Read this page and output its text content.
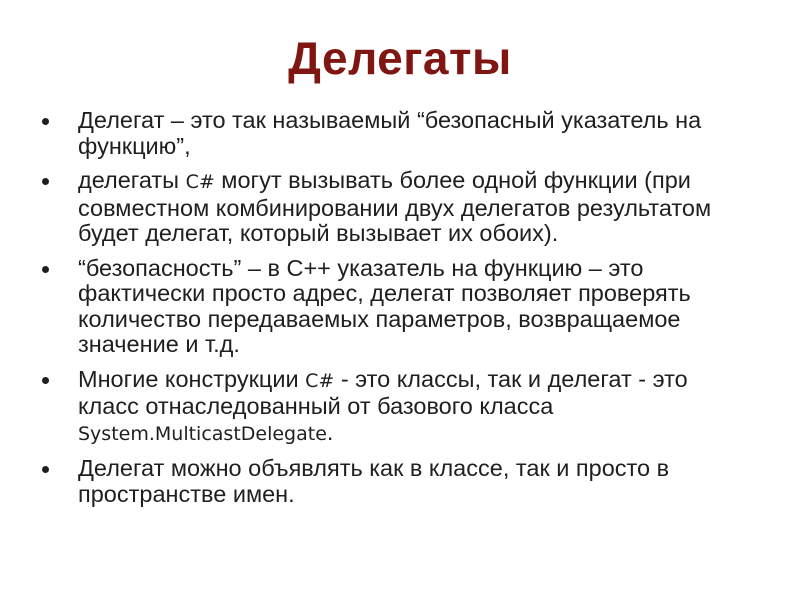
Делегаты
Делегат – это так называемый “безопасный указатель на функцию”,
делегаты C# могут вызывать более одной функции (при совместном комбинировании двух делегатов результатом будет делегат, который вызывает их обоих).
“безопасность” – в С++ указатель на функцию – это фактически просто адрес, делегат позволяет проверять количество передаваемых параметров, возвращаемое значение и т.д.
Многие конструкции C# - это классы, так и делегат - это класс отнаследованный от базового класса System.MulticastDelegate.
Делегат можно объявлять как в классе, так и просто в пространстве имен.
